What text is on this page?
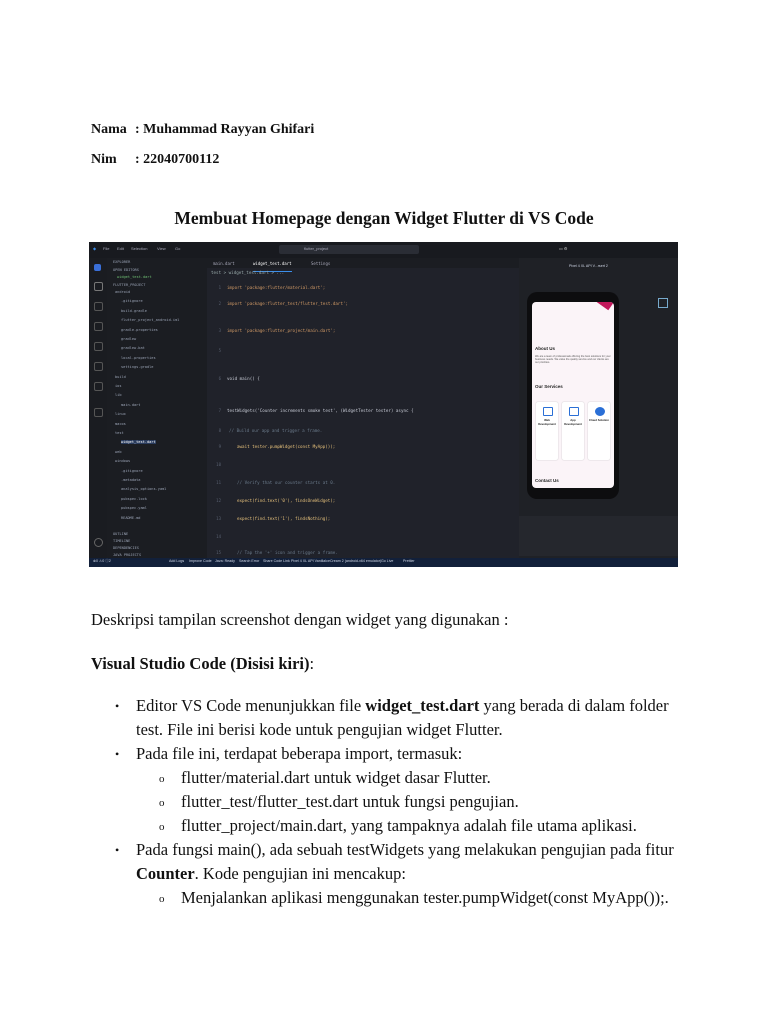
Nama : Muhammad Rayyan Ghifari
Nim : 22040700112
Membuat Homepage dengan Widget Flutter di VS Code
◆ File Edit Selection View Go	flutter_project	▭ ⚙
EXPLORER
OPEN EDITORS
widget_test.dart
FLUTTER_PROJECT
android
.gitignore
build.gradle
flutter_project_android.iml
gradle.properties
gradlew
gradlew.bat
local.properties
settings.gradle
build
ios
lib
main.dart
linux
macos
test
widget_test.dart
web
windows
.gitignore
.metadata
analysis_options.yaml
pubspec.lock
pubspec.yaml
README.md
OUTLINE
TIMELINE
DEPENDENCIES
JAVA PROJECTS
main.dart	widget_test.dart	Settings
test > widget_test.dart > ...
1 import 'package:flutter/material.dart';
2 import 'package:flutter_test/flutter_test.dart';
3 import 'package:flutter_project/main.dart';
5
6 void main() {
7 testWidgets('Counter increments smoke test', (WidgetTester tester) async {
8 // Build our app and trigger a frame.
9	await tester.pumpWidget(const MyApp());
10
11	// Verify that our counter starts at 0.
12	expect(find.text('0'), findsOneWidget);
13	expect(find.text('1'), findsNothing);
14
15	// Tap the '+' icon and trigger a frame.
Pixel 4 XL API V...rsert 2
About Us
We are a team of professionals offering the best solutions for your business needs. We value the quality service and our clients are our priorities.
Our Services
Web Development
App Development
Cloud Solution
Contact Us
⊗0 ⚠0 ⓘ2	Add Logs Improve Code Java: Ready Search Error Share Code Link Pixel 4 XL API VanillaIceCream 2 (android-x64 emulator) Go Live	Prettier

Deskripsi tampilan screenshot dengan widget yang digunakan :

Visual Studio Code (Disisi kiri):

• Editor VS Code menunjukkan file widget_test.dart yang berada di dalam folder test. File ini berisi kode untuk pengujian widget Flutter.
• Pada file ini, terdapat beberapa import, termasuk:
o flutter/material.dart untuk widget dasar Flutter.
o flutter_test/flutter_test.dart untuk fungsi pengujian.
o flutter_project/main.dart, yang tampaknya adalah file utama aplikasi.
• Pada fungsi main(), ada sebuah testWidgets yang melakukan pengujian pada fitur Counter. Kode pengujian ini mencakup:
o Menjalankan aplikasi menggunakan tester.pumpWidget(const MyApp());.
